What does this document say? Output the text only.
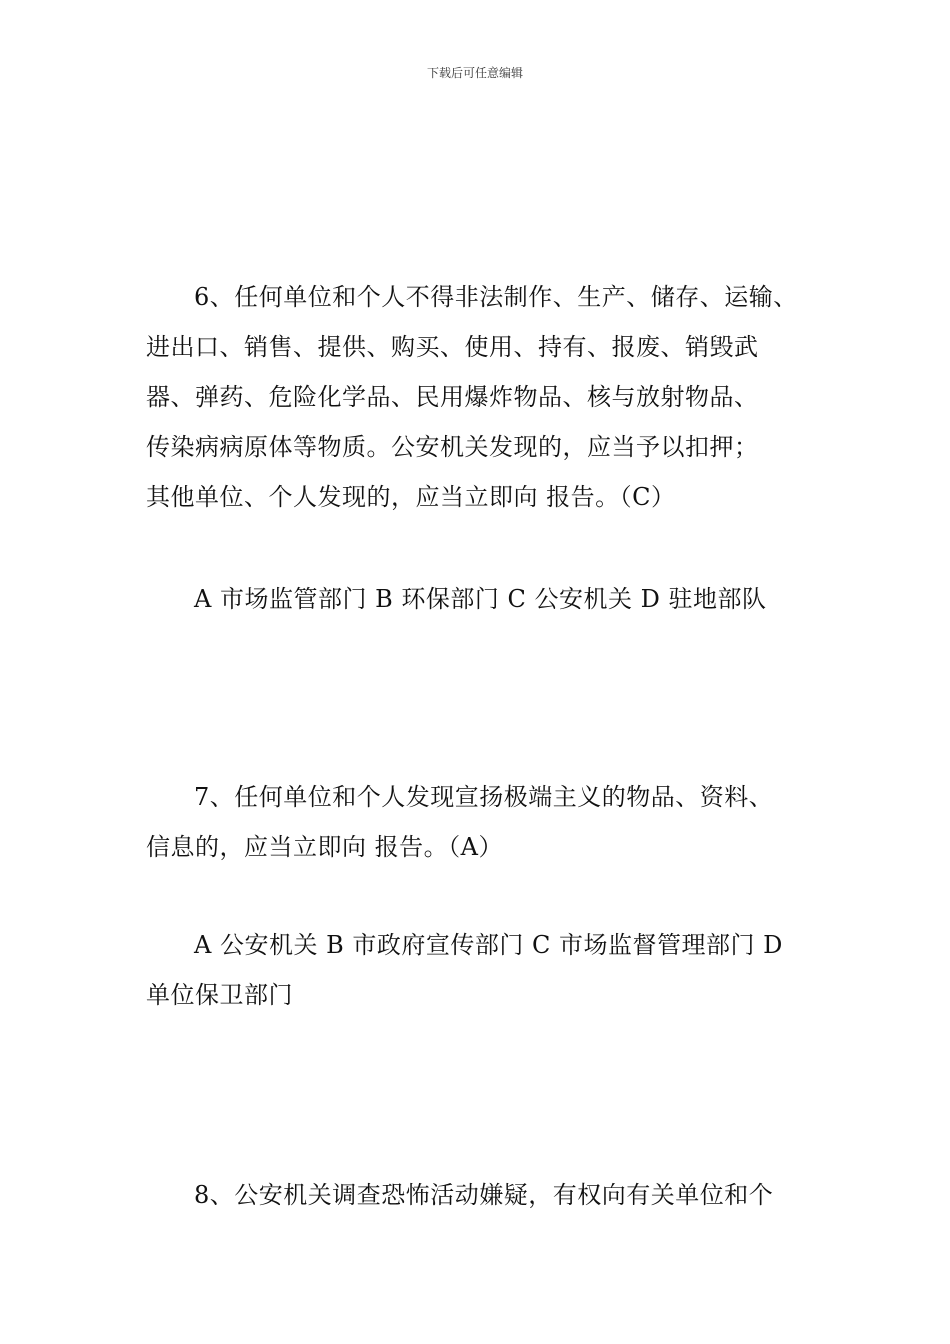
下载后可任意编辑
6、任何单位和个人不得非法制作、生产、储存、运输、
进出口、销售、提供、购买、使用、持有、报废、销毁武
器、弹药、危险化学品、民用爆炸物品、核与放射物品、
传染病病原体等物质。公安机关发现的，应当予以扣押；
其他单位、个人发现的，应当立即向 报告。（C）
A 市场监管部门 B 环保部门 C 公安机关 D 驻地部队
7、任何单位和个人发现宣扬极端主义的物品、资料、
信息的，应当立即向 报告。（A）
A 公安机关 B 市政府宣传部门 C 市场监督管理部门 D
单位保卫部门
8、公安机关调查恐怖活动嫌疑，有权向有关单位和个
